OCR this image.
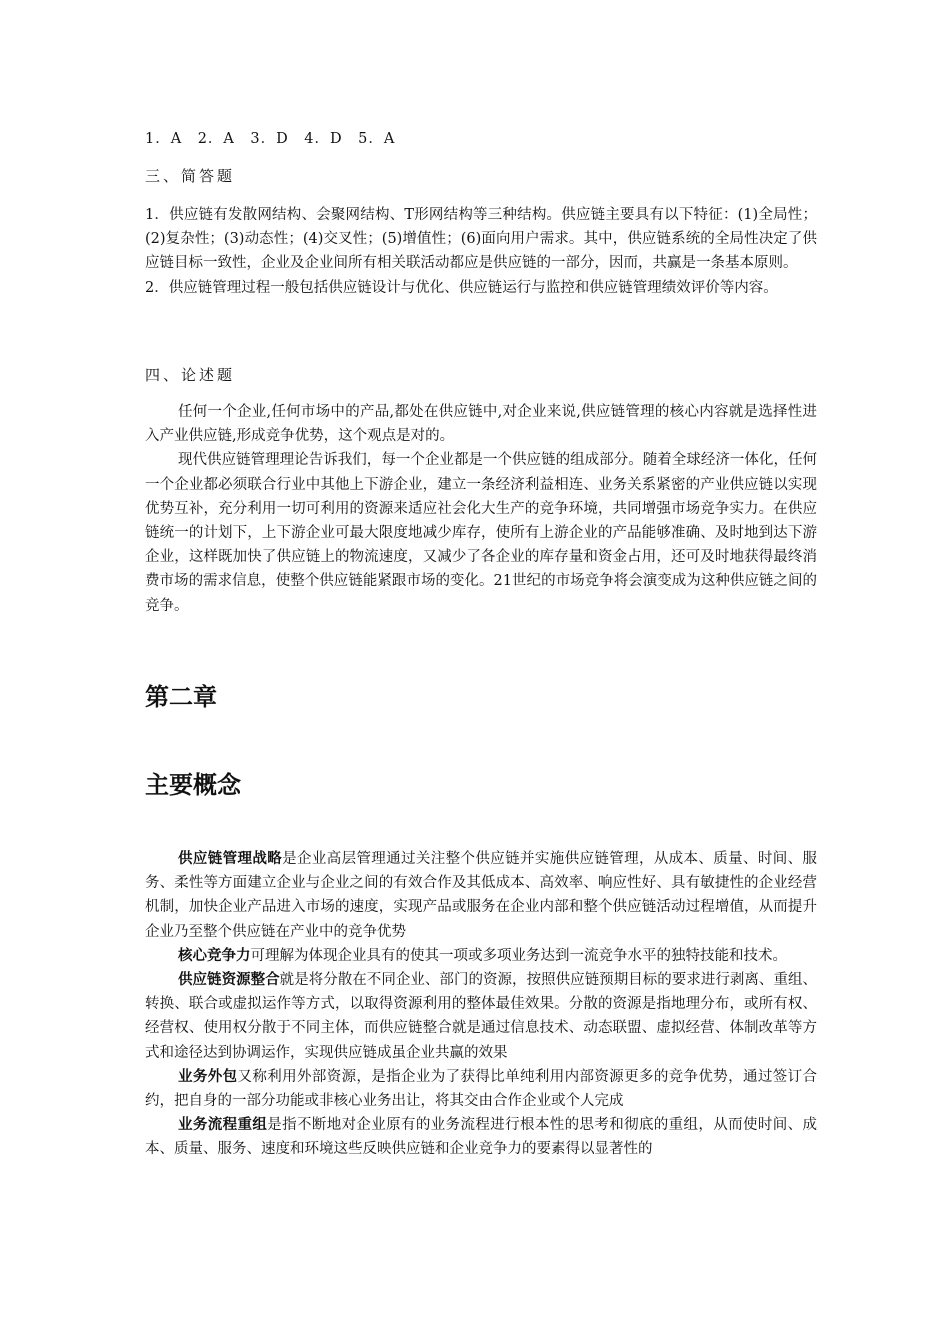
1．A　2．A　3．D　4．D　5．A
三、简答题

1．供应链有发散网结构、会聚网结构、T形网结构等三种结构。供应链主要具有以下特征：(1)全局性；(2)复杂性；(3)动态性；(4)交叉性；(5)增值性；(6)面向用户需求。其中，供应链系统的全局性决定了供应链目标一致性，企业及企业间所有相关联活动都应是供应链的一部分，因而，共赢是一条基本原则。

2．供应链管理过程一般包括供应链设计与优化、供应链运行与监控和供应链管理绩效评价等内容。

四、论述题

任何一个企业,任何市场中的产品,都处在供应链中,对企业来说,供应链管理的核心内容就是选择性进入产业供应链,形成竞争优势，这个观点是对的。

现代供应链管理理论告诉我们，每一个企业都是一个供应链的组成部分。随着全球经济一体化，任何一个企业都必须联合行业中其他上下游企业，建立一条经济利益相连、业务关系紧密的产业供应链以实现优势互补，充分利用一切可利用的资源来适应社会化大生产的竞争环境，共同增强市场竞争实力。在供应链统一的计划下，上下游企业可最大限度地减少库存，使所有上游企业的产品能够准确、及时地到达下游企业，这样既加快了供应链上的物流速度，又减少了各企业的库存量和资金占用，还可及时地获得最终消费市场的需求信息，使整个供应链能紧跟市场的变化。21世纪的市场竞争将会演变成为这种供应链之间的竞争。

第二章
主要概念

供应链管理战略是企业高层管理通过关注整个供应链并实施供应链管理，从成本、质量、时间、服务、柔性等方面建立企业与企业之间的有效合作及其低成本、高效率、响应性好、具有敏捷性的企业经营机制，加快企业产品进入市场的速度，实现产品或服务在企业内部和整个供应链活动过程增值，从而提升企业乃至整个供应链在产业中的竞争优势

核心竞争力可理解为体现企业具有的使其一项或多项业务达到一流竞争水平的独特技能和技术。

供应链资源整合就是将分散在不同企业、部门的资源，按照供应链预期目标的要求进行剥离、重组、转换、联合或虚拟运作等方式，以取得资源利用的整体最佳效果。分散的资源是指地理分布，或所有权、经营权、使用权分散于不同主体，而供应链整合就是通过信息技术、动态联盟、虚拟经营、体制改革等方式和途径达到协调运作，实现供应链成虽企业共赢的效果

业务外包又称利用外部资源，是指企业为了获得比单纯利用内部资源更多的竞争优势，通过签订合约，把自身的一部分功能或非核心业务出让，将其交由合作企业或个人完成

业务流程重组是指不断地对企业原有的业务流程进行根本性的思考和彻底的重组，从而使时间、成本、质量、服务、速度和环境这些反映供应链和企业竞争力的要素得以显著性的
